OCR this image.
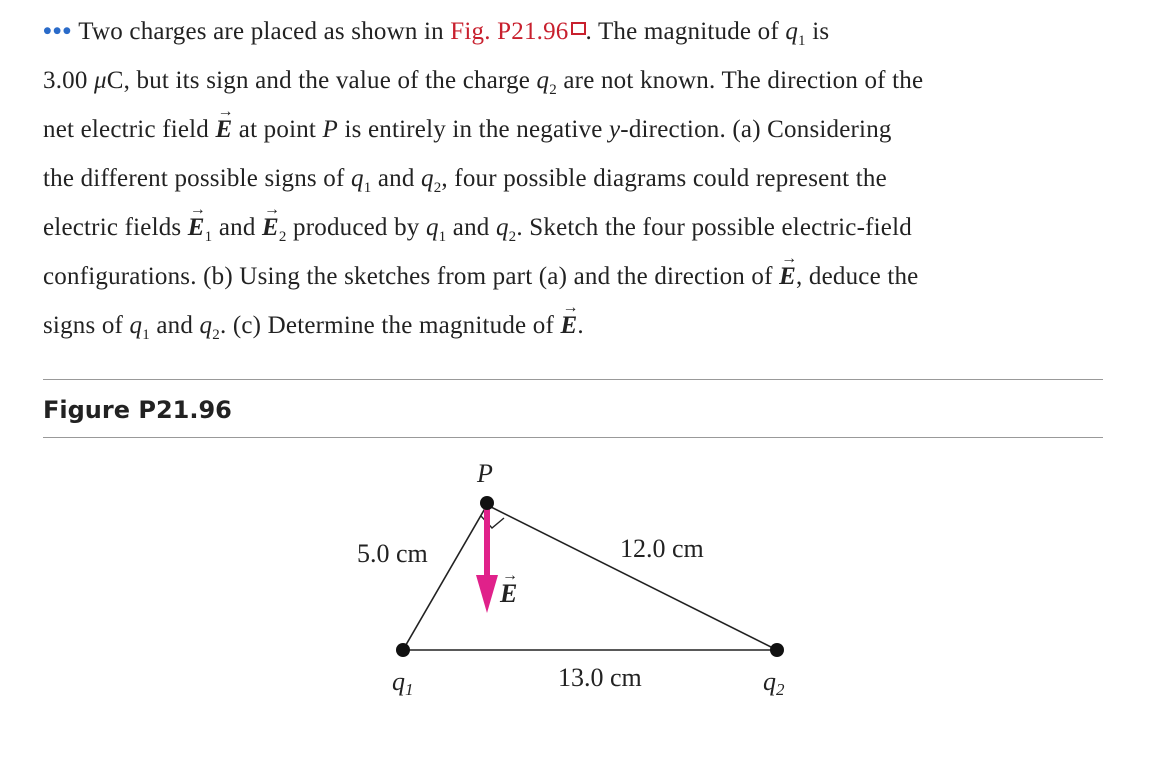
••• Two charges are placed as shown in Fig. P21.96 . The magnitude of $q_1$ is
3.00 μC, but its sign and the value of the charge $q_2$ are not known. The direction of the
net electric field → E at point P is entirely in the negative y-direction. (a) Considering
the different possible signs of $q_1$ and $q_2$, four possible diagrams could represent the
electric fields → $E_1$ and → $E_2$ produced by $q_1$ and $q_2$. Sketch the four possible electric-field
configurations. (b) Using the sketches from part (a) and the direction of → E, deduce the
signs of $q_1$ and $q_2$. (c) Determine the magnitude of → E.
Figure P21.96
P
E
→
5.0 cm	12.0 cm
13.0 cm
q1	q2
